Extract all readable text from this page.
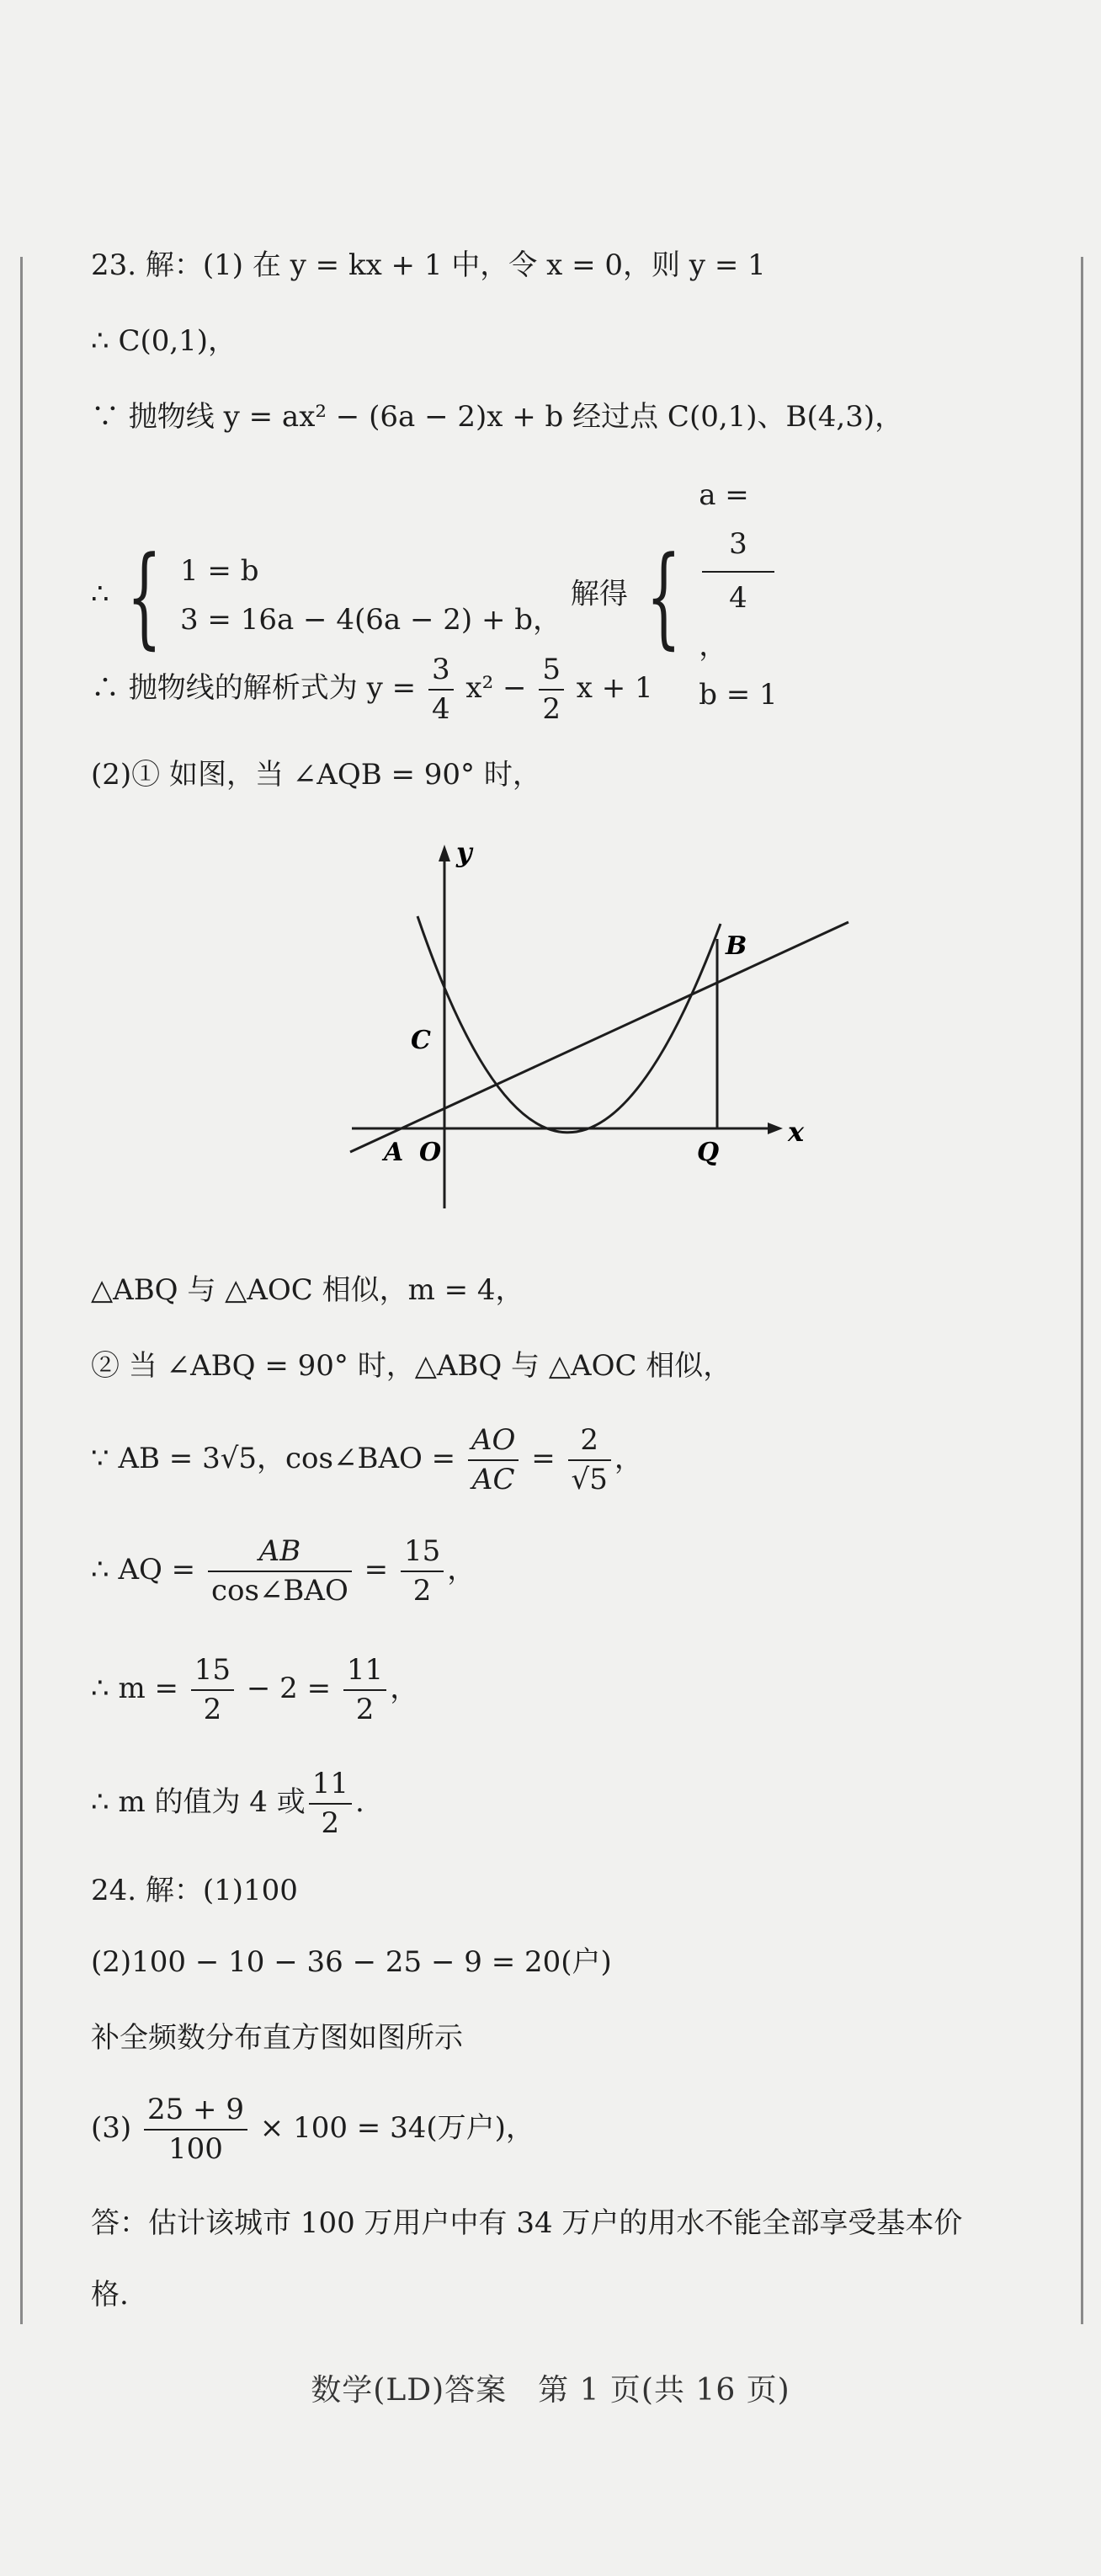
23. 解：(1) 在 y = kx + 1 中，令 x = 0，则 y = 1
∴ C(0,1)，
∵ 抛物线 y = ax² − (6a − 2)x + b 经过点 C(0,1)、B(4,3)，
∴ { 1 = b
3 = 16a − 4(6a − 2) + b，
解得 {
a =
3
4
，
b = 1
∴ 抛物线的解析式为 $y = \frac{3}{4} x^2 - \frac{5}{2}$ x + 1
(2)① 如图，当 ∠AQB = 90° 时，
y
x
A O
C
B
Q
△ABQ 与 △AOC 相似，m = 4，
② 当 ∠ABQ = 90° 时，△ABQ 与 △AOC 相似，
∵ AB = 3√5，cos∠BAO = $\frac{AO}{AC} = \frac{2}{√5}$ ，
∴ AQ = $\frac{AB}{\text{cos∠BAO}} = \frac{15}{2}$ ，
∴ $m = \frac{15}{2} - 2 = \frac{11}{2}$ ，
∴ m 的值为 4 或 $\frac{11}{2}$ .
24. 解：(1)100
(2)100 − 10 − 36 − 25 − 9 = 20(户)
补全频数分布直方图如图所示
$(3) \frac{25 + 9}{100} \times 100 = 34$(万户)，
答：估计该城市 100 万用户中有 34 万户的用水不能全部享受基本价
格.
数学(LD)答案　第 1 页(共 16 页)
